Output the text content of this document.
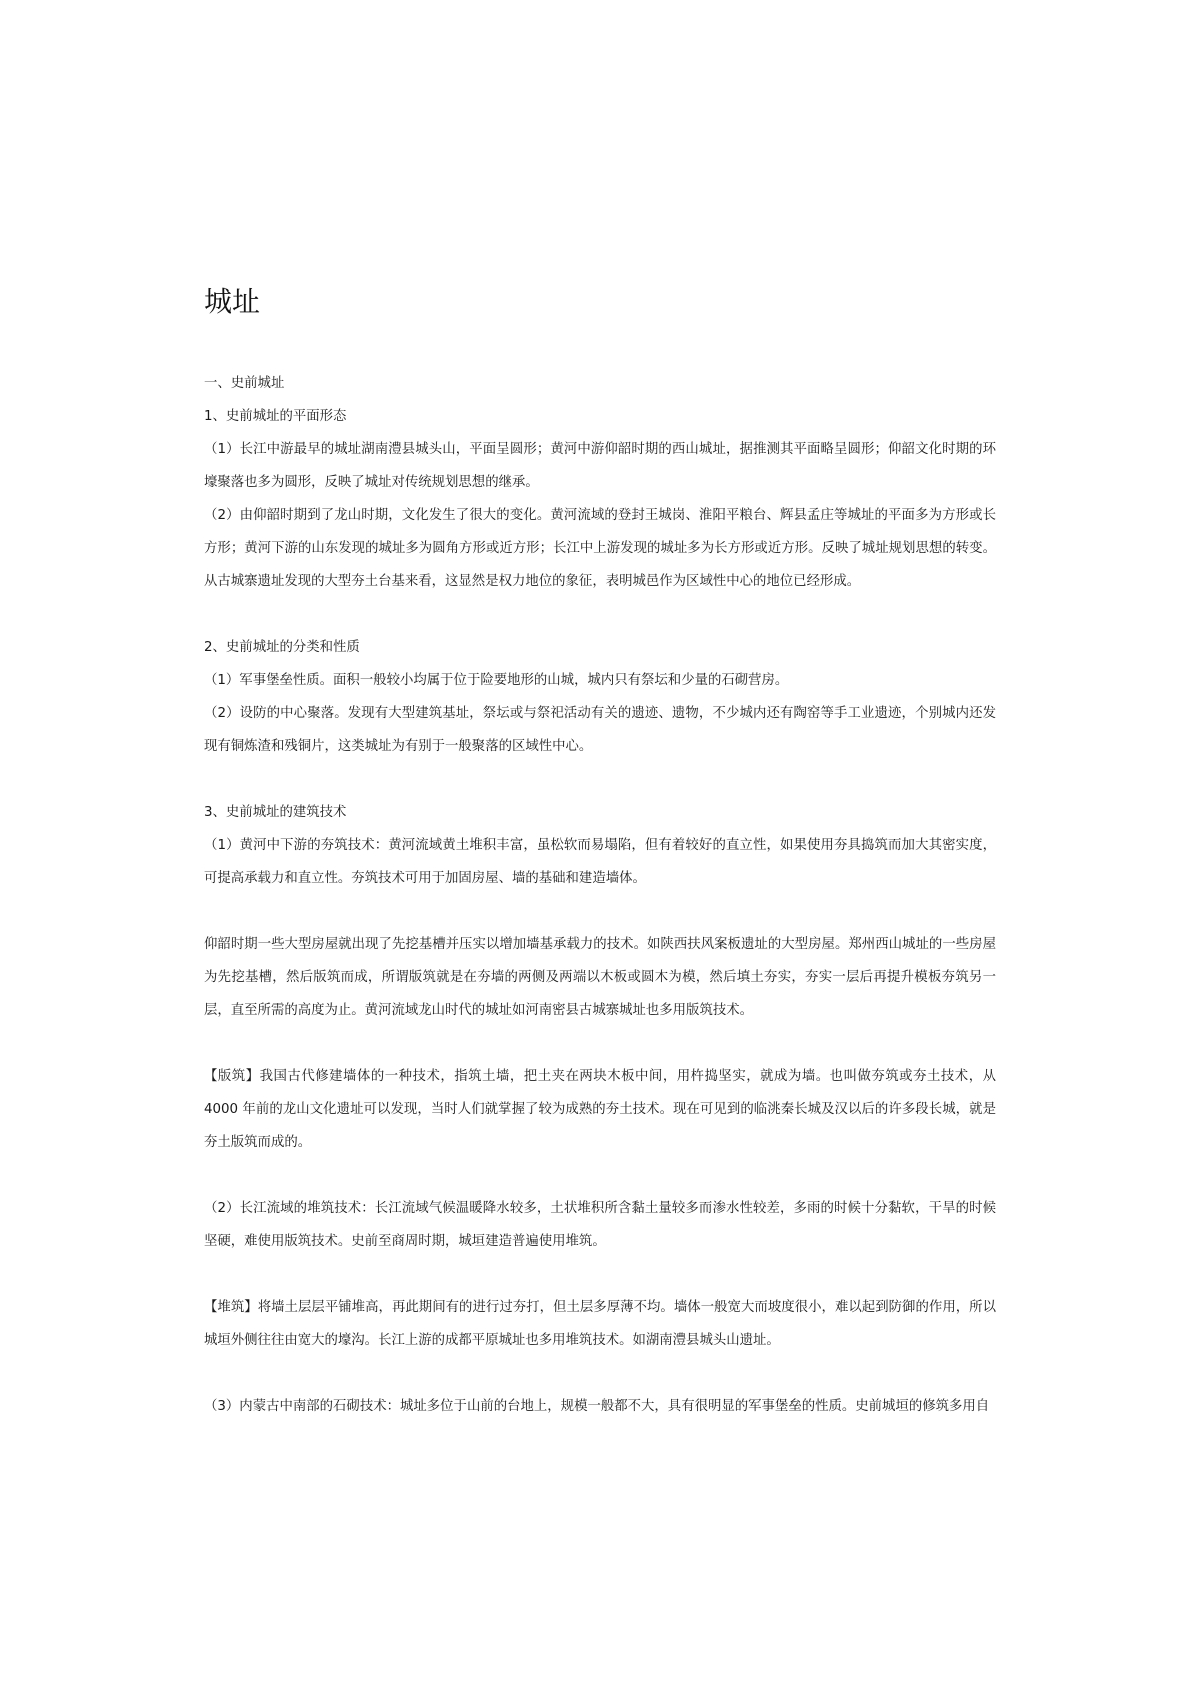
城址

一、史前城址

1、史前城址的平面形态

（1）长江中游最早的城址湖南澧县城头山，平面呈圆形；黄河中游仰韶时期的西山城址，据推测其平面略呈圆形；仰韶文化时期的环壕聚落也多为圆形，反映了城址对传统规划思想的继承。

（2）由仰韶时期到了龙山时期，文化发生了很大的变化。黄河流域的登封王城岗、淮阳平粮台、辉县孟庄等城址的平面多为方形或长方形；黄河下游的山东发现的城址多为圆角方形或近方形；长江中上游发现的城址多为长方形或近方形。反映了城址规划思想的转变。从古城寨遗址发现的大型夯土台基来看，这显然是权力地位的象征，表明城邑作为区域性中心的地位已经形成。

2、史前城址的分类和性质

（1）军事堡垒性质。面积一般较小均属于位于险要地形的山城，城内只有祭坛和少量的石砌营房。

（2）设防的中心聚落。发现有大型建筑基址，祭坛或与祭祀活动有关的遗迹、遗物，不少城内还有陶窑等手工业遗迹，个别城内还发现有铜炼渣和残铜片，这类城址为有别于一般聚落的区域性中心。

3、史前城址的建筑技术

（1）黄河中下游的夯筑技术：黄河流域黄土堆积丰富，虽松软而易塌陷，但有着较好的直立性，如果使用夯具捣筑而加大其密实度，可提高承载力和直立性。夯筑技术可用于加固房屋、墙的基础和建造墙体。

仰韶时期一些大型房屋就出现了先挖基槽并压实以增加墙基承载力的技术。如陕西扶风案板遗址的大型房屋。郑州西山城址的一些房屋为先挖基槽，然后版筑而成，所谓版筑就是在夯墙的两侧及两端以木板或圆木为模，然后填土夯实，夯实一层后再提升模板夯筑另一层，直至所需的高度为止。黄河流域龙山时代的城址如河南密县古城寨城址也多用版筑技术。

【版筑】我国古代修建墙体的一种技术，指筑土墙，把土夹在两块木板中间，用杵捣坚实，就成为墙。也叫做夯筑或夯土技术，从 4000 年前的龙山文化遗址可以发现，当时人们就掌握了较为成熟的夯土技术。现在可见到的临洮秦长城及汉以后的许多段长城，就是夯土版筑而成的。

（2）长江流域的堆筑技术：长江流域气候温暖降水较多，土状堆积所含黏土量较多而渗水性较差，多雨的时候十分黏软，干旱的时候坚硬，难使用版筑技术。史前至商周时期，城垣建造普遍使用堆筑。

【堆筑】将墙土层层平铺堆高，再此期间有的进行过夯打，但土层多厚薄不均。墙体一般宽大而坡度很小，难以起到防御的作用，所以城垣外侧往往由宽大的壕沟。长江上游的成都平原城址也多用堆筑技术。如湖南澧县城头山遗址。

（3）内蒙古中南部的石砌技术：城址多位于山前的台地上，规模一般都不大，具有很明显的军事堡垒的性质。史前城垣的修筑多用自
